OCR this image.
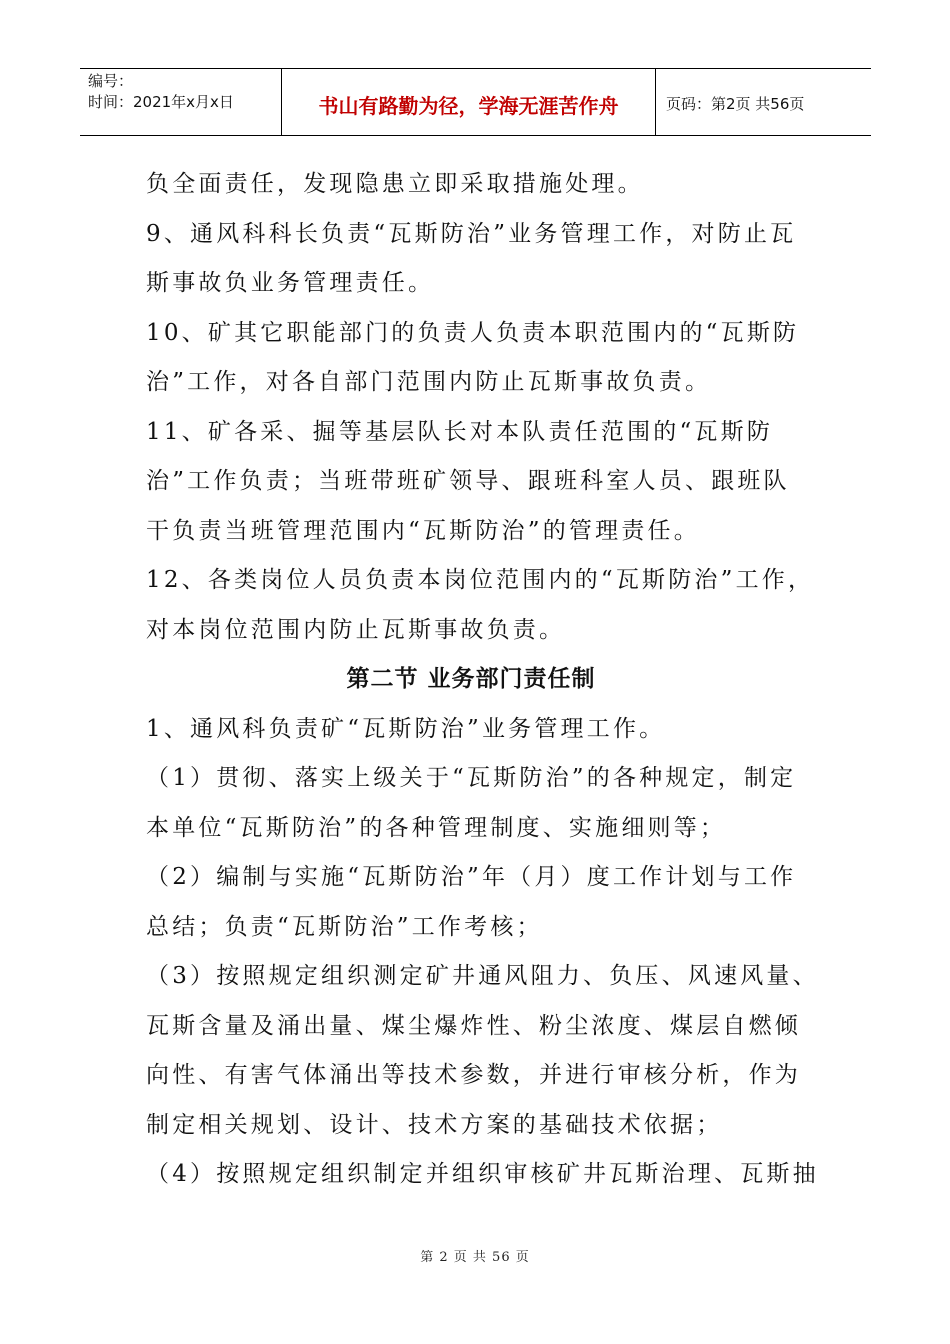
编号：
时间：2021年x月x日	书山有路勤为径，学海无涯苦作舟	页码：第2页 共56页

负全面责任，发现隐患立即采取措施处理。

9、通风科科长负责“瓦斯防治”业务管理工作，对防止瓦

斯事故负业务管理责任。

10、矿其它职能部门的负责人负责本职范围内的“瓦斯防

治”工作，对各自部门范围内防止瓦斯事故负责。

11、矿各采、掘等基层队长对本队责任范围的“瓦斯防

治”工作负责；当班带班矿领导、跟班科室人员、跟班队

干负责当班管理范围内“瓦斯防治”的管理责任。

12、各类岗位人员负责本岗位范围内的“瓦斯防治”工作，

对本岗位范围内防止瓦斯事故负责。

第二节 业务部门责任制

1、通风科负责矿“瓦斯防治”业务管理工作。

（1）贯彻、落实上级关于“瓦斯防治”的各种规定，制定

本单位“瓦斯防治”的各种管理制度、实施细则等；

（2）编制与实施“瓦斯防治”年（月）度工作计划与工作

总结；负责“瓦斯防治”工作考核；

（3）按照规定组织测定矿井通风阻力、负压、风速风量、

瓦斯含量及涌出量、煤尘爆炸性、粉尘浓度、煤层自燃倾

向性、有害气体涌出等技术参数，并进行审核分析，作为

制定相关规划、设计、技术方案的基础技术依据；

（4）按照规定组织制定并组织审核矿井瓦斯治理、瓦斯抽

第 2 页 共 56 页
